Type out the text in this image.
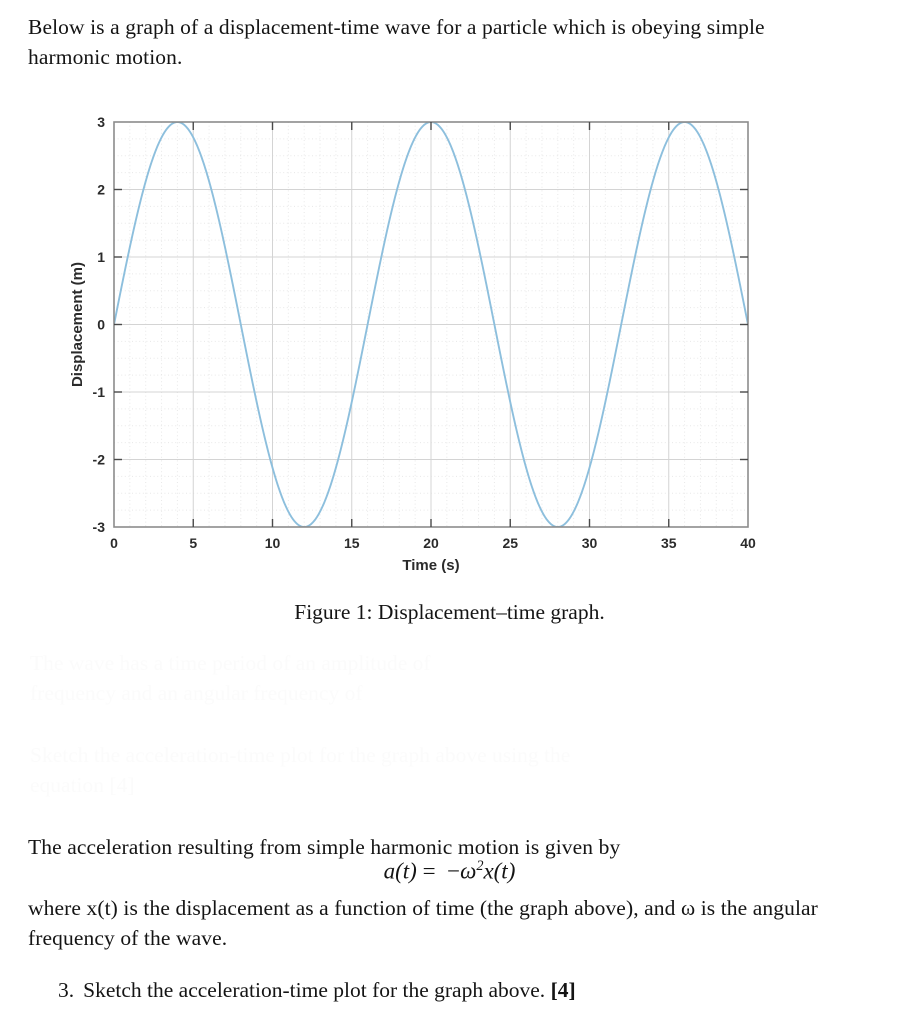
Below is a graph of a displacement-time wave for a particle which is obeying simple harmonic motion.
0	5	10	15	20	25	30	35	40
-3
-2
-1
0
1
2
3
Time (s)
Displacement (m)
Figure 1: Displacement–time graph.
The acceleration resulting from simple harmonic motion is given by
$a(t) = -\omega^2x(t)$
where x(t) is the displacement as a function of time (the graph above), and ω is the angular frequency of the wave.
3. Sketch the acceleration-time plot for the graph above. [4]
